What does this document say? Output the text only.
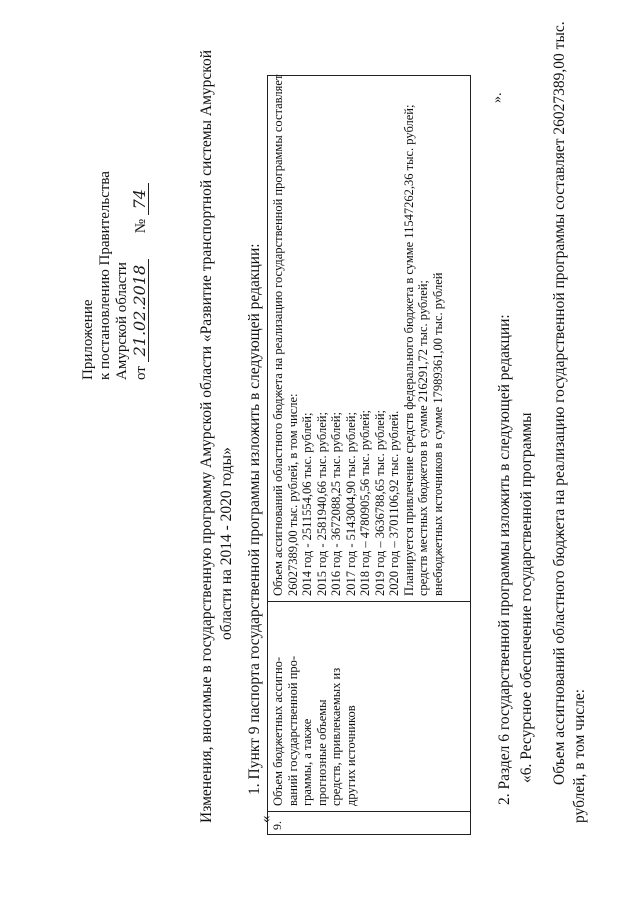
Приложение к постановлению Правительства Амурской области от 21.02.2018  № 74	Изменения, вносимые в государственную программу Амурской области «Развитие транспортной системы Амурской области на 2014 - 2020 годы» 1. Пункт 9 паспорта государственной программы изложить в следующей редакции:
«
9.
Объем бюджетных ассигно- ваний государственной про- граммы, а также прогнозные объемы средств, привлекаемых из других источников
Объем ассигнований областного бюджета на реализацию государственной программы составляет 26027389,00 тыс. рублей, в том числе: 2014 год - 2511554,06 тыс. рублей; 2015 год - 2581940,66 тыс. рублей; 2016 год - 3672088,25 тыс. рублей; 2017 год - 5143004,90 тыс. рублей; 2018 год – 4780905,56 тыс. рублей; 2019 год – 3636788,65 тыс. рублей; 2020 год – 3701106,92 тыс. рублей. Планируется привлечение средств федерального бюджета в сумме 11547262,36 тыс. рублей; средств местных бюджетов в сумме 216291,72 тыс. рублей; внебюджетных источников в сумме 17989361,00 тыс. рублей
».
2. Раздел 6 государственной программы изложить в следующей редакции: «6. Ресурсное обеспечение государственной программы Объем ассигнований областного бюджета на реализацию государственной программы составляет 26027389,00 тыс. рублей, в том числе:
